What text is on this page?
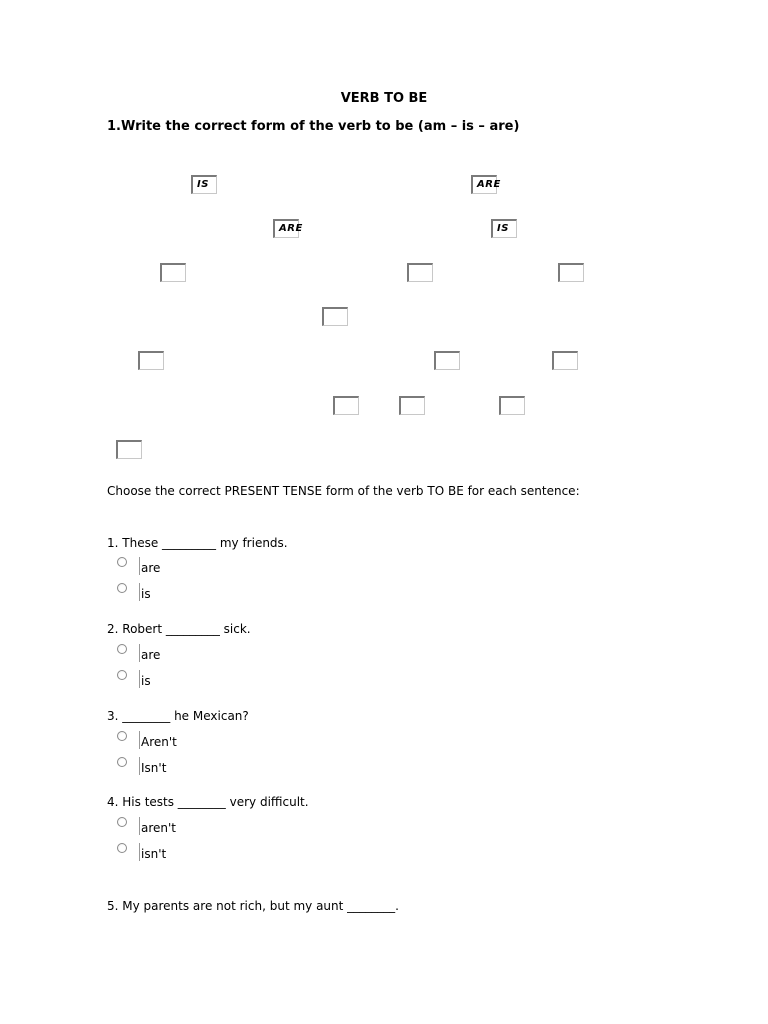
VERB TO BE
1.Write the correct form of the verb to be (am – is – are)
IS	ARE
ARE	IS
Choose the correct PRESENT TENSE form of the verb TO BE for each sentence:
1. These _________ my friends.
are
is
2. Robert _________ sick.
are
is
3. ________ he Mexican?
Aren't
Isn't
4. His tests ________ very difficult.
aren't
isn't
5. My parents are not rich, but my aunt ________.
